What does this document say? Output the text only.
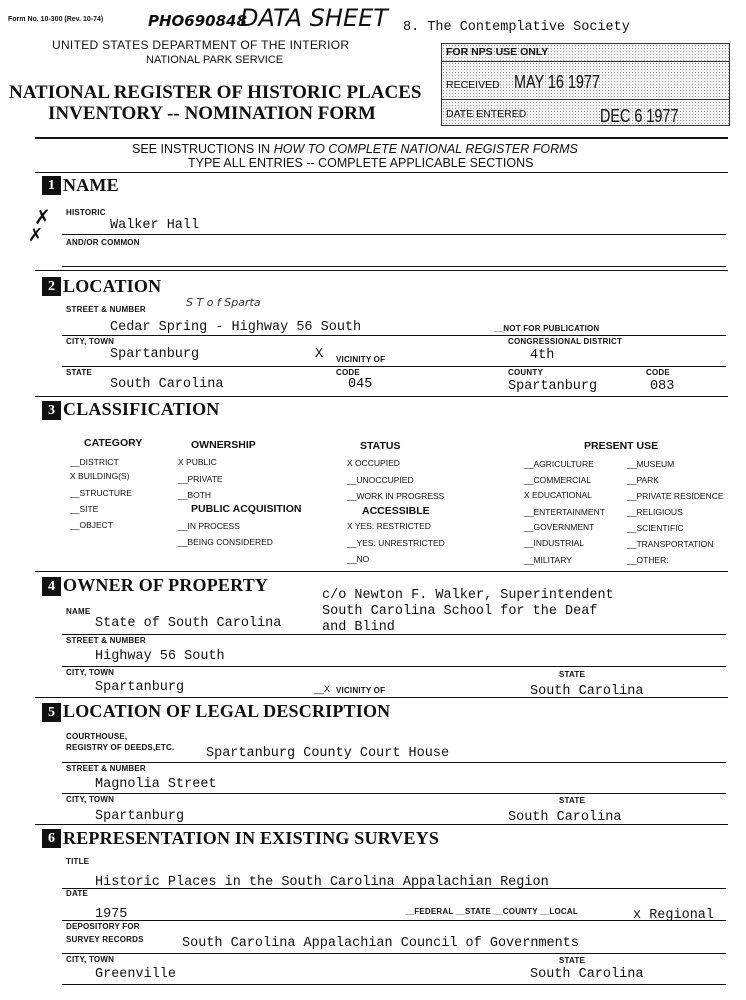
Form No. 10-300 (Rev. 10-74)	PHO690848
DATA SHEET 8. The Contemplative Society
UNITED STATES DEPARTMENT OF THE INTERIOR
NATIONAL PARK SERVICE
NATIONAL REGISTER OF HISTORIC PLACES
INVENTORY -- NOMINATION FORM
FOR NPS USE ONLY
RECEIVED MAY 16 1977
DATE ENTERED	DEC 6 1977
SEE INSTRUCTIONS IN HOW TO COMPLETE NATIONAL REGISTER FORMS
TYPE ALL ENTRIES -- COMPLETE APPLICABLE SECTIONS
1 NAME
✗
✗
HISTORIC
Walker Hall
AND/OR COMMON
2 LOCATION
STREET & NUMBER
S T o f Sparta
Cedar Spring - Highway 56 South	__NOT FOR PUBLICATION
CITY, TOWN	CONGRESSIONAL DISTRICT
Spartanburg	X VICINITY OF	4th
STATE	CODE	COUNTY	CODE
South Carolina	045	Spartanburg	083
3 CLASSIFICATION
CATEGORY	OWNERSHIP	STATUS	PRESENT USE
PUBLIC ACQUISITION	ACCESSIBLE
__DISTRICT
X BUILDING(S)
__STRUCTURE
__SITE
__OBJECT
X PUBLIC
__PRIVATE
__BOTH
__IN PROCESS
__BEING CONSIDERED
X OCCUPIED
__UNOCCUPIED
__WORK IN PROGRESS
X YES: RESTRICTED
__YES: UNRESTRICTED
__NO
__AGRICULTURE
__COMMERCIAL
X EDUCATIONAL
__ENTERTAINMENT
__GOVERNMENT
__INDUSTRIAL
__MILITARY
__MUSEUM
__PARK
__PRIVATE RESIDENCE
__RELIGIOUS
__SCIENTIFIC
__TRANSPORTATION
__OTHER:
4 OWNER OF PROPERTY
c/o Newton F. Walker, Superintendent
South Carolina School for the Deaf
and Blind
NAME
State of South Carolina
STREET & NUMBER
Highway 56 South
CITY, TOWN	STATE
Spartanburg	__X VICINITY OF	South Carolina
5 LOCATION OF LEGAL DESCRIPTION
COURTHOUSE,
REGISTRY OF DEEDS,ETC. Spartanburg County Court House
STREET & NUMBER
Magnolia Street
CITY, TOWN	STATE
Spartanburg	South Carolina
6 REPRESENTATION IN EXISTING SURVEYS
TITLE
Historic Places in the South Carolina Appalachian Region
DATE
1975	__FEDERAL __STATE __COUNTY __LOCAL	x Regional
DEPOSITORY FOR
SURVEY RECORDS	South Carolina Appalachian Council of Governments
CITY, TOWN	STATE
Greenville	South Carolina
